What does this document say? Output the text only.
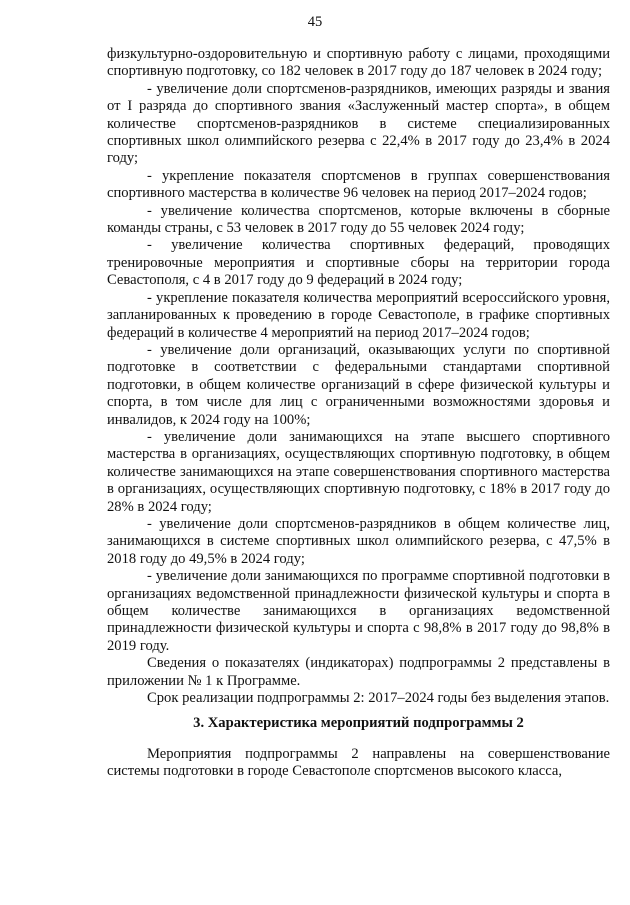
45

физкультурно-оздоровительную и спортивную работу с лицами, проходящими спортивную подготовку, со 182 человек в 2017 году до 187 человек в 2024 году;

- увеличение доли спортсменов-разрядников, имеющих разряды и звания от I разряда до спортивного звания «Заслуженный мастер спорта», в общем количестве спортсменов-разрядников в системе специализированных спортивных школ олимпийского резерва с 22,4% в 2017 году до 23,4% в 2024 году;

- укрепление показателя спортсменов в группах совершенствования спортивного мастерства в количестве 96 человек на период 2017–2024 годов;

- увеличение количества спортсменов, которые включены в сборные команды страны, с 53 человек в 2017 году до 55 человек 2024 году;

- увеличение количества спортивных федераций, проводящих тренировочные мероприятия и спортивные сборы на территории города Севастополя, с 4 в 2017 году до 9 федераций в 2024 году;

- укрепление показателя количества мероприятий всероссийского уровня, запланированных к проведению в городе Севастополе, в графике спортивных федераций в количестве 4 мероприятий на период 2017–2024 годов;

- увеличение доли организаций, оказывающих услуги по спортивной подготовке в соответствии с федеральными стандартами спортивной подготовки, в общем количестве организаций в сфере физической культуры и спорта, в том числе для лиц с ограниченными возможностями здоровья и инвалидов, к 2024 году на 100%;

- увеличение доли занимающихся на этапе высшего спортивного мастерства в организациях, осуществляющих спортивную подготовку, в общем количестве занимающихся на этапе совершенствования спортивного мастерства в организациях, осуществляющих спортивную подготовку, с 18% в 2017 году до 28% в 2024 году;

- увеличение доли спортсменов-разрядников в общем количестве лиц, занимающихся в системе спортивных школ олимпийского резерва, с 47,5% в 2018 году до 49,5% в 2024 году;

- увеличение доли занимающихся по программе спортивной подготовки в организациях ведомственной принадлежности физической культуры и спорта в общем количестве занимающихся в организациях ведомственной принадлежности физической культуры и спорта с 98,8% в 2017 году до 98,8% в 2019 году.

Сведения о показателях (индикаторах) подпрограммы 2 представлены в приложении № 1 к Программе.

Срок реализации подпрограммы 2: 2017–2024 годы без выделения этапов.

3. Характеристика мероприятий подпрограммы 2

Мероприятия подпрограммы 2 направлены на совершенствование системы подготовки в городе Севастополе спортсменов высокого класса,
